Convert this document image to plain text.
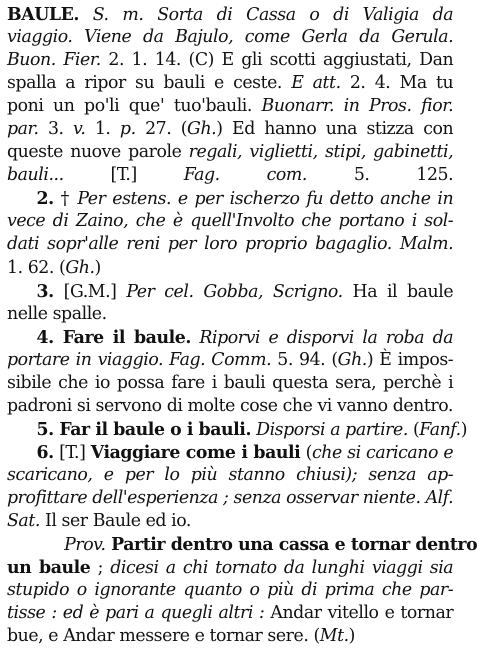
BAULE. S. m. Sorta di Cassa o di Valigia da
viaggio. Viene da Bajulo, come Gerla da Gerula.
Buon. Fier. 2. 1. 14. (C) E gli scotti aggiustati, Dan
spalla a ripor su bauli e ceste. E att. 2. 4. Ma tu
poni un po'li que' tuo'bauli. Buonarr. in Pros. fior.
par. 3. v. 1. p. 27. (Gh.) Ed hanno una stizza con
queste nuove parole regali, viglietti, stipi, gabinetti,
bauli... [T.] Fag. com. 5. 125.
2. † Per estens. e per ischerzo fu detto anche in
vece di Zaino, che è quell'Involto che portano i sol-
dati sopr'alle reni per loro proprio bagaglio. Malm.
1. 62. (Gh.)
3. [G.M.] Per cel. Gobba, Scrigno. Ha il baule
nelle spalle.
4. Fare il baule. Riporvi e disporvi la roba da
portare in viaggio. Fag. Comm. 5. 94. (Gh.) È impos-
sibile che io possa fare i bauli questa sera, perchè i
padroni si servono di molte cose che vi vanno dentro.
5. Far il baule o i bauli. Disporsi a partire. (Fanf.)
6. [T.] Viaggiare come i bauli (che si caricano e
scaricano, e per lo più stanno chiusi); senza ap-
profittare dell'esperienza ; senza osservar niente. Alf.
Sat. Il ser Baule ed io.
Prov. Partir dentro una cassa e tornar dentro
un baule ; dicesi a chi tornato da lunghi viaggi sia
stupido o ignorante quanto o più di prima che par-
tisse : ed è pari a quegli altri : Andar vitello e tornar
bue, e Andar messere e tornar sere. (Mt.)
